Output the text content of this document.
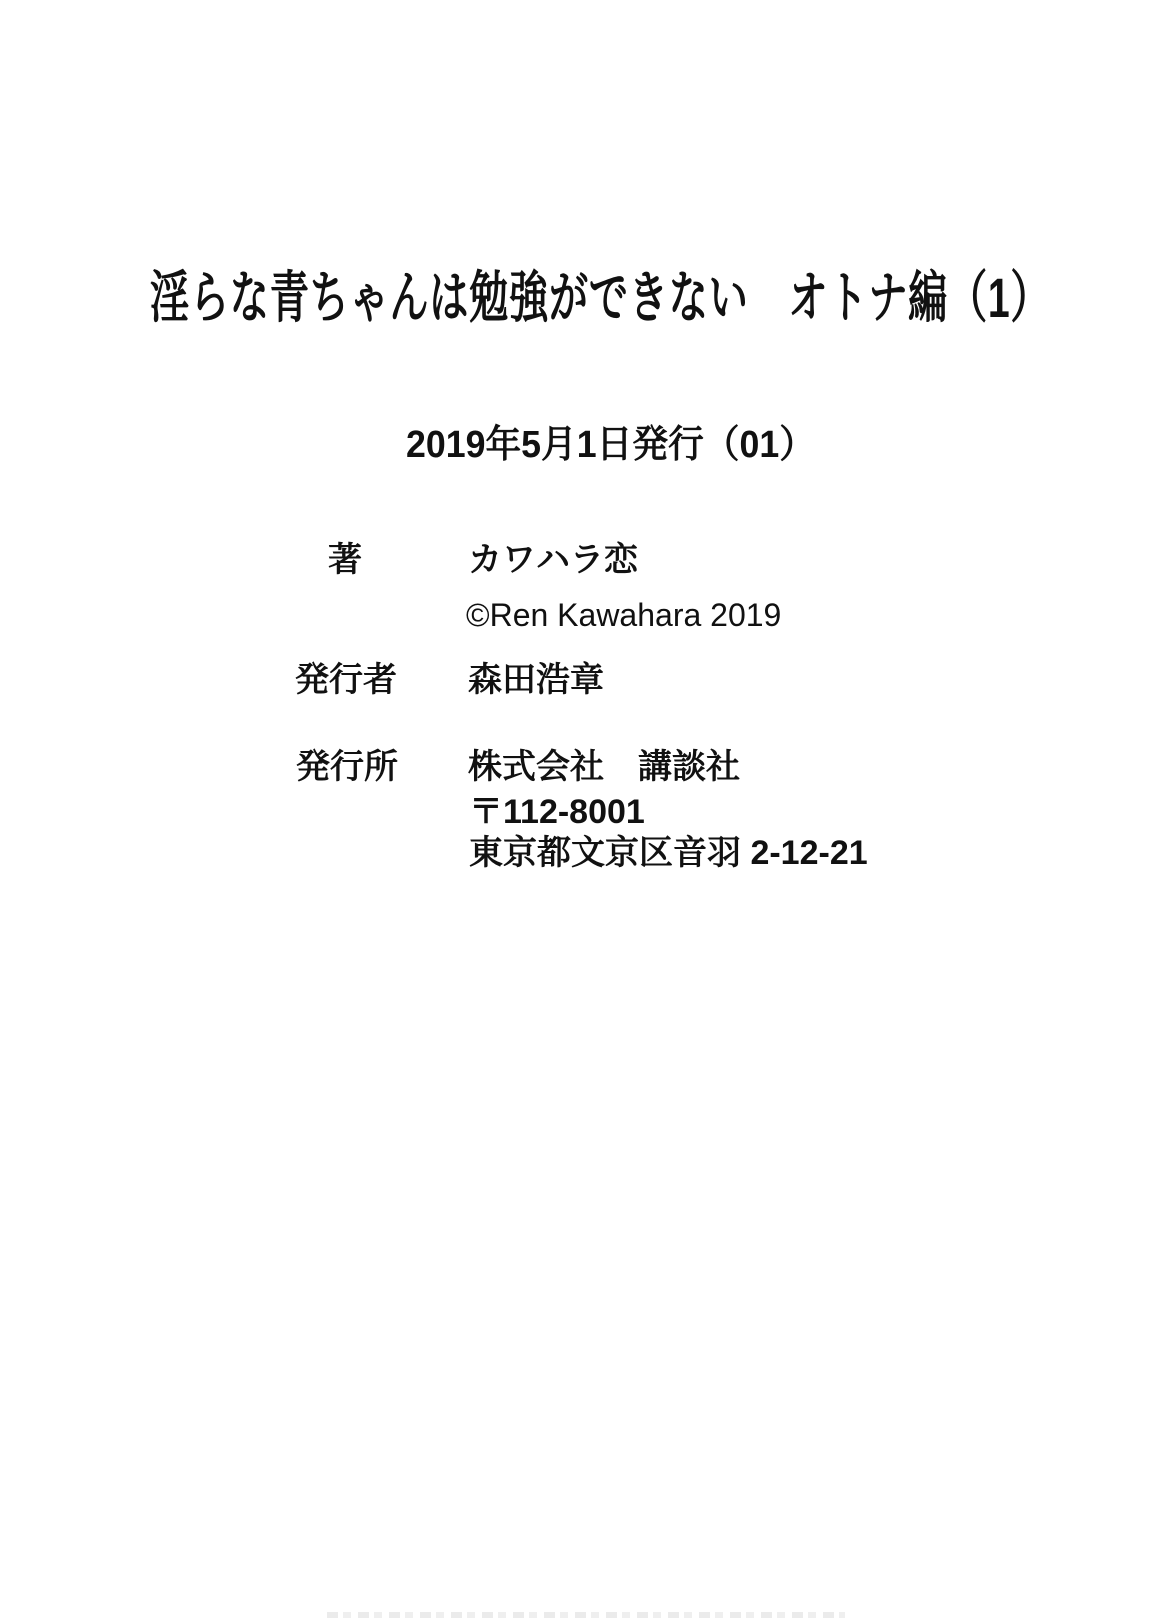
淫らな青ちゃんは勉強ができない　オトナ編（1）
2019年5月1日発行（01）
著	カワハラ恋
©Ren Kawahara 2019
発行者 森田浩章
発行所 株式会社　講談社
〒112-8001
東京都文京区音羽 2-12-21
